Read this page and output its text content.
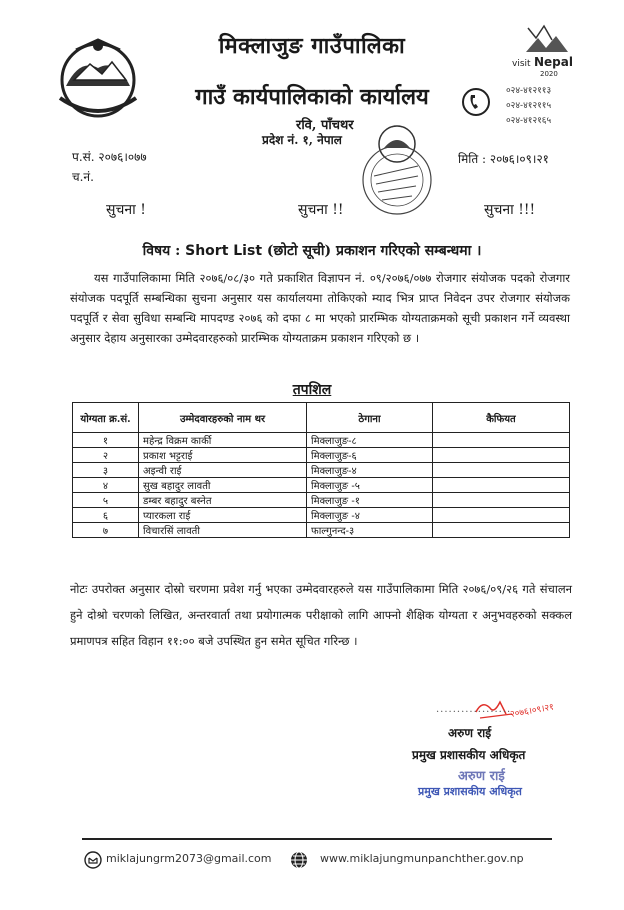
visit Nepal
2020
मिक्लाजुङ गाउँपालिका
गाउँ कार्यपालिकाको कार्यालय
रवि, पाँचथर
प्रदेश नं. १, नेपाल
०२४-४१२११३
०२४-४१२११५
०२४-४१२१६५
प.सं. २०७६।०७७
च.नं.
मिति : २०७६।०९।२१
सुचना !	सुचना !!	सुचना !!!
विषय : Short List (छोटो सूची) प्रकाशन गरिएको सम्बन्धमा ।
यस गाउँपालिकामा मिति २०७६/०८/३० गते प्रकाशित विज्ञापन नं. ०९/२०७६/०७७ रोजगार संयोजक पदको रोजगार संयोजक पदपूर्ति सम्बन्धिका सुचना अनुसार यस कार्यालयमा तोकिएको म्याद भित्र प्राप्त निवेदन उपर रोजगार संयोजक पदपूर्ति र सेवा सुविधा सम्बन्धि मापदण्ड २०७६ को दफा ८ मा भएको प्रारम्भिक योग्यताक्रमको सूची प्रकाशन गर्ने व्यवस्था अनुसार देहाय अनुसारका उम्मेदवारहरुको प्रारम्भिक योग्यताक्रम प्रकाशन गरिएको छ ।
तपशिल
योग्यता क्र.सं.	उम्मेदवारहरुको नाम थर	ठेगाना	कैफियत
१	महेन्द्र विक्रम कार्की	मिक्लाजुङ-८	
२	प्रकाश भट्टराई	मिक्लाजुङ-६	
३	अइन्वी राई	मिक्लाजुङ-४	
४	सुख बहादुर लावती	मिक्लाजुङ -५	
५	डम्बर बहादुर बस्नेत	मिक्लाजुङ -१	
६	प्यारकला राई	मिक्लाजुङ -४	
७	विचारसिं लावती	फाल्गुनन्द-३	
नोटः उपरोक्त अनुसार दोस्रो चरणमा प्रवेश गर्नु भएका उम्मेदवारहरुले यस गाउँपालिकामा मिति २०७६/०९/२६ गते संचालन हुने दोश्रो चरणको लिखित, अन्तरवार्ता तथा प्रयोगात्मक परीक्षाको लागि आफ्नो शैक्षिक योग्यता र अनुभवहरुको सक्कल प्रमाणपत्र सहित विहान ११:०० बजे उपस्थित हुन समेत सूचित गरिन्छ ।
२०७६।०९।२१
..................
अरुण राई
प्रमुख प्रशासकीय अधिकृत
अरुण राई
प्रमुख प्रशासकीय अधिकृत
miklajungrm2073@gmail.com	www.miklajungmunpanchther.gov.np
